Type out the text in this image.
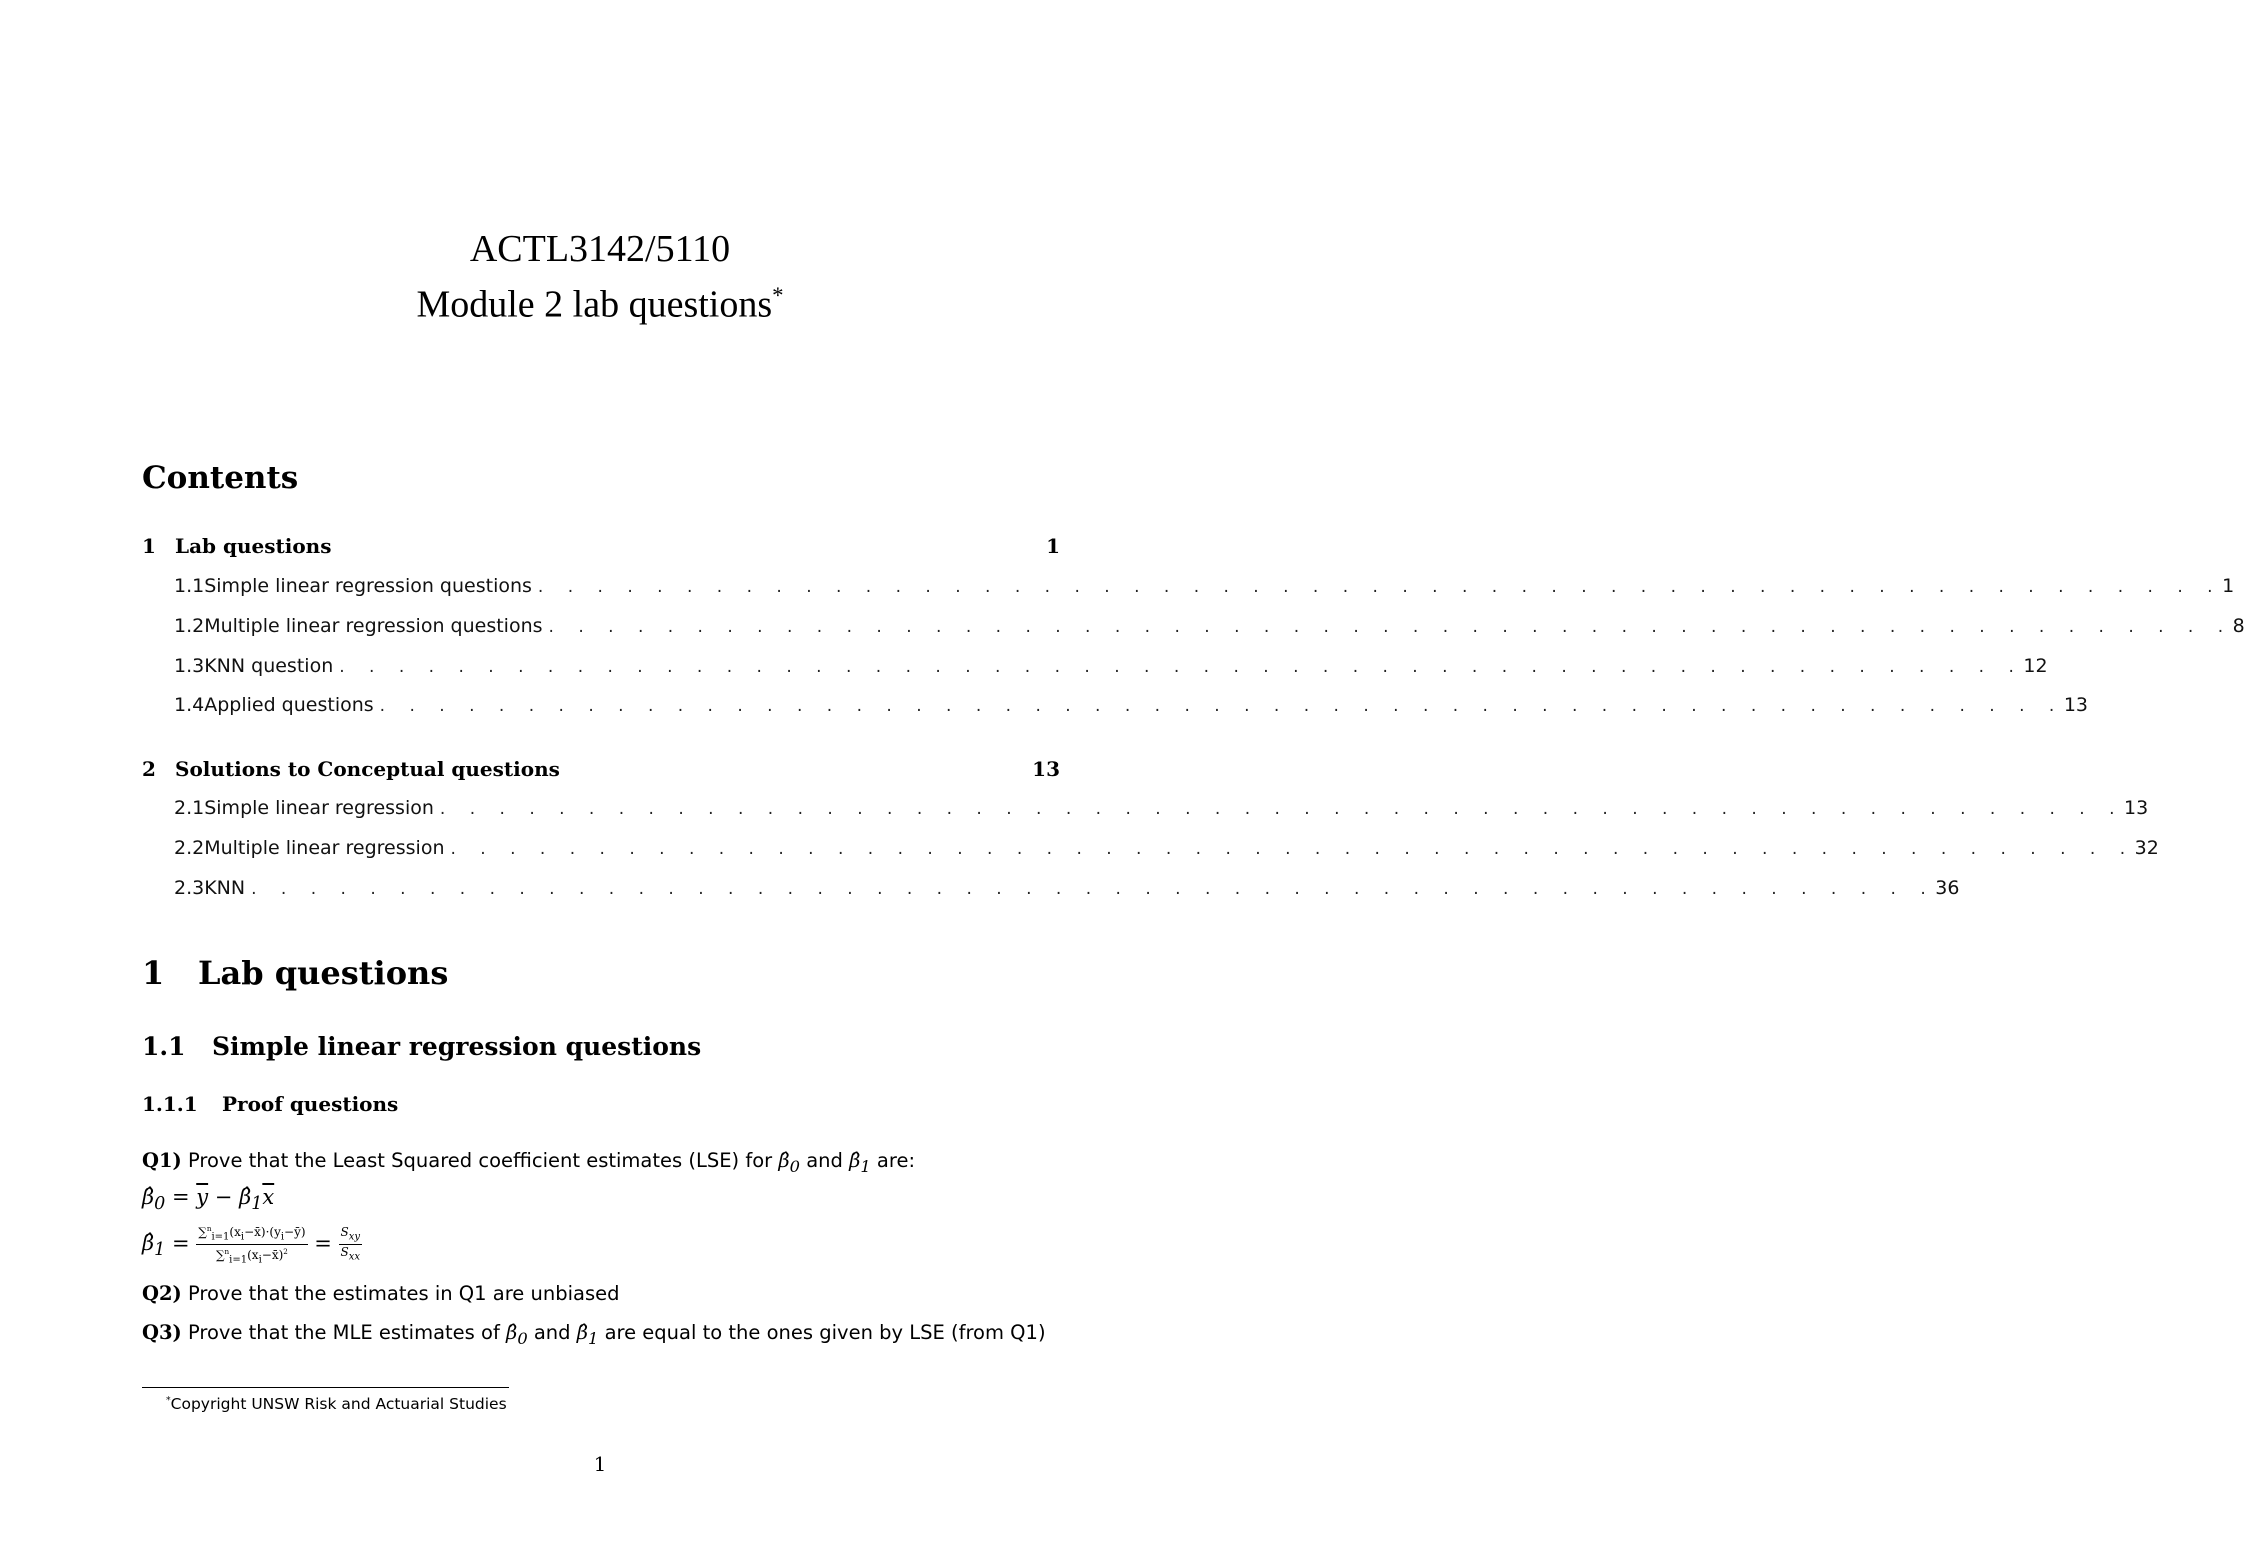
ACTL3142/5110
Module 2 lab questions*
Contents
1 Lab questions	1
1.1 Simple linear regression questions . . . . . . . . . . . . . . . . . . . . . . . . . . . . . . . . . . . . . . . . . . . . . . . . . . . . . . . . . 1
1.2 Multiple linear regression questions . . . . . . . . . . . . . . . . . . . . . . . . . . . . . . . . . . . . . . . . . . . . . . . . . . . . . . . . . 8
1.3 KNN question . . . . . . . . . . . . . . . . . . . . . . . . . . . . . . . . . . . . . . . . . . . . . . . . . . . . . . . . . 12
1.4 Applied questions . . . . . . . . . . . . . . . . . . . . . . . . . . . . . . . . . . . . . . . . . . . . . . . . . . . . . . . . . 13
2 Solutions to Conceptual questions	13
2.1 Simple linear regression . . . . . . . . . . . . . . . . . . . . . . . . . . . . . . . . . . . . . . . . . . . . . . . . . . . . . . . . . 13
2.2 Multiple linear regression . . . . . . . . . . . . . . . . . . . . . . . . . . . . . . . . . . . . . . . . . . . . . . . . . . . . . . . . . 32
2.3 KNN . . . . . . . . . . . . . . . . . . . . . . . . . . . . . . . . . . . . . . . . . . . . . . . . . . . . . . . . . 36
1 Lab questions
1.1 Simple linear regression questions
1.1.1 Proof questions
Q1) Prove that the Least Squared coefficient estimates (LSE) for $\betâ_0$ and $\betâ_1$ are:
$\betâ_0 = \overline{y}$ − $\betâ_1\overline{x}$
$\betâ_1 = \frac{\sum^n_{i=1}(x_i-x̄)\cdot(y_i-ȳ)}{\sum^n_{i=1}(x_i-x̄)^2} = \frac{S_{xy}}{S_{xx}}$
Q2) Prove that the estimates in Q1 are unbiased
Q3) Prove that the MLE estimates of $\betâ_0$ and $\betâ_1$ are equal to the ones given by LSE (from Q1)
*Copyright UNSW Risk and Actuarial Studies
1
